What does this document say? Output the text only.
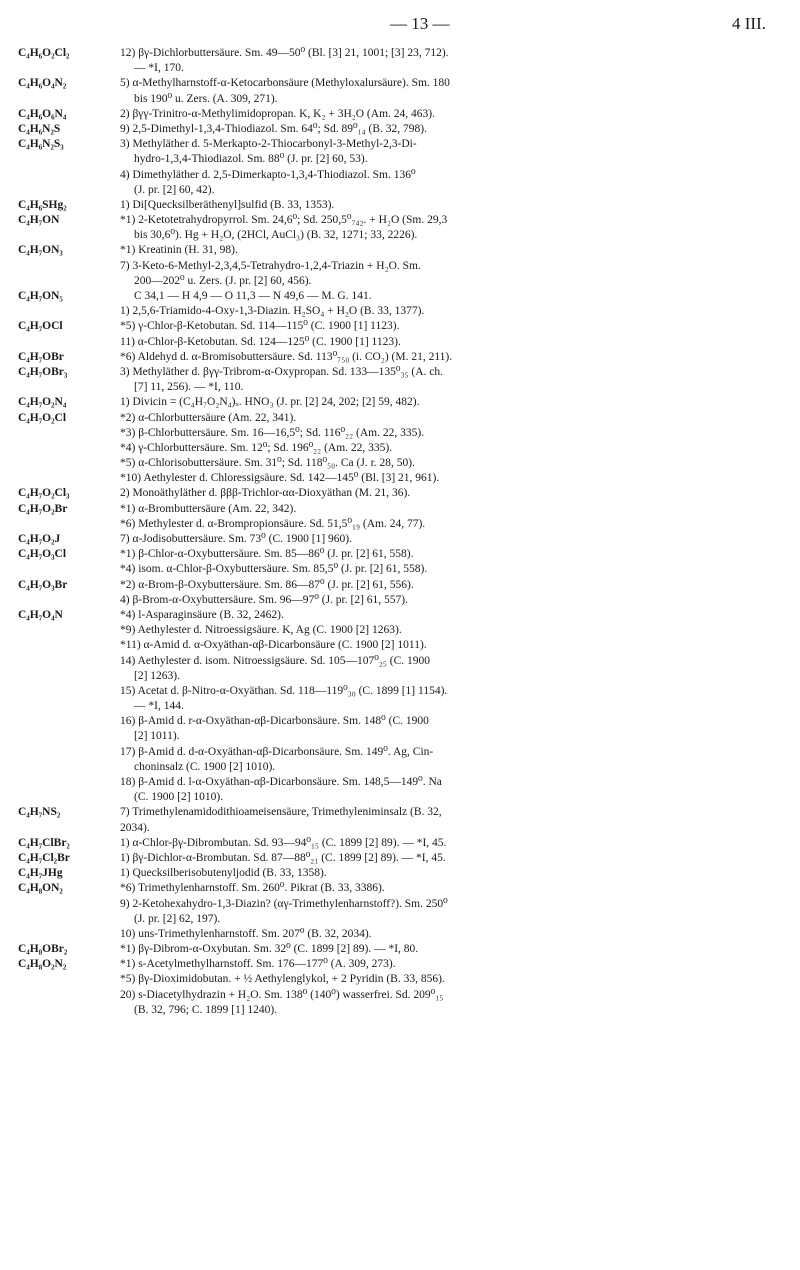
— 13 —	4 III.
C₄H₆O₂Cl₂	12) βγ-Dichlorbuttersäure. Sm. 49—50⁰ (Bl. [3] 21, 1001; [3] 23, 712).
— *I, 170.
C₄H₆O₄N₂	5) α-Methylharnstoff-α-Ketocarbonsäure (Methyloxalursäure). Sm. 180
bis 190⁰ u. Zers. (A. 309, 271).
C₄H₆O₆N₄	2) βγγ-Trinitro-α-Methylimidopropan. K, K₂ + 3H₂O (Am. 24, 463).
C₄H₆N₂S	9) 2,5-Dimethyl-1,3,4-Thiodiazol. Sm. 64⁰; Sd. 89⁰₁₄ (B. 32, 798).
C₄H₆N₂S₃	3) Methyläther d. 5-Merkapto-2-Thiocarbonyl-3-Methyl-2,3-Di-
hydro-1,3,4-Thiodiazol. Sm. 88⁰ (J. pr. [2] 60, 53).
4) Dimethyläther d. 2,5-Dimerkapto-1,3,4-Thiodiazol. Sm. 136⁰
(J. pr. [2] 60, 42).
C₄H₆SHg₂	1) Di[Quecksilberäthenyl]sulfid (B. 33, 1353).
C₄H₇ON	*1) 2-Ketotetrahydropyrrol. Sm. 24,6⁰; Sd. 250,5⁰₇₄₂. + H₂O (Sm. 29,3
bis 30,6⁰). Hg + H₂O, (2HCl, AuCl₃) (B. 32, 1271; 33, 2226).
C₄H₇ON₃	*1) Kreatinin (H. 31, 98).
7) 3-Keto-6-Methyl-2,3,4,5-Tetrahydro-1,2,4-Triazin + H₂O. Sm.
200—202⁰ u. Zers. (J. pr. [2] 60, 456).
C₄H₇ON₅	C 34,1 — H 4,9 — O 11,3 — N 49,6 — M. G. 141.
1) 2,5,6-Triamido-4-Oxy-1,3-Diazin. H₂SO₄ + H₂O (B. 33, 1377).
C₄H₇OCl	*5) γ-Chlor-β-Ketobutan. Sd. 114—115⁰ (C. 1900 [1] 1123).
11) α-Chlor-β-Ketobutan. Sd. 124—125⁰ (C. 1900 [1] 1123).
C₄H₇OBr	*6) Aldehyd d. α-Bromisobuttersäure. Sd. 113⁰₇₅₀ (i. CO₂) (M. 21, 211).
C₄H₇OBr₃	3) Methyläther d. βγγ-Tribrom-α-Oxypropan. Sd. 133—135⁰₃₅ (A. ch.
[7] 11, 256). — *I, 110.
C₄H₇O₂N₄	1) Divicin = (C₄H₇O₂N₄)ₓ. HNO₃ (J. pr. [2] 24, 202; [2] 59, 482).
C₄H₇O₂Cl	*2) α-Chlorbuttersäure (Am. 22, 341).
*3) β-Chlorbuttersäure. Sm. 16—16,5⁰; Sd. 116⁰₂₂ (Am. 22, 335).
*4) γ-Chlorbuttersäure. Sm. 12⁰; Sd. 196⁰₂₂ (Am. 22, 335).
*5) α-Chlorisobuttersäure. Sm. 31⁰; Sd. 118⁰₅₀. Ca (J. r. 28, 50).
*10) Aethylester d. Chloressigsäure. Sd. 142—145⁰ (Bl. [3] 21, 961).
C₄H₇O₂Cl₃	2) Monoäthyläther d. βββ-Trichlor-αα-Dioxyäthan (M. 21, 36).
C₄H₇O₂Br	*1) α-Brombuttersäure (Am. 22, 342).
*6) Methylester d. α-Brompropionsäure. Sd. 51,5⁰₁₉ (Am. 24, 77).
C₄H₇O₂J	7) α-Jodisobuttersäure. Sm. 73⁰ (C. 1900 [1] 960).
C₄H₇O₃Cl	*1) β-Chlor-α-Oxybuttersäure. Sm. 85—86⁰ (J. pr. [2] 61, 558).
*4) isom. α-Chlor-β-Oxybuttersäure. Sm. 85,5⁰ (J. pr. [2] 61, 558).
C₄H₇O₃Br	*2) α-Brom-β-Oxybuttersäure. Sm. 86—87⁰ (J. pr. [2] 61, 556).
4) β-Brom-α-Oxybuttersäure. Sm. 96—97⁰ (J. pr. [2] 61, 557).
C₄H₇O₄N	*4) l-Asparaginsäure (B. 32, 2462).
*9) Aethylester d. Nitroessigsäure. K, Ag (C. 1900 [2] 1263).
*11) α-Amid d. α-Oxyäthan-αβ-Dicarbonsäure (C. 1900 [2] 1011).
14) Aethylester d. isom. Nitroessigsäure. Sd. 105—107⁰₂₅ (C. 1900
[2] 1263).
15) Acetat d. β-Nitro-α-Oxyäthan. Sd. 118—119⁰₃₀ (C. 1899 [1] 1154).
— *I, 144.
16) β-Amid d. r-α-Oxyäthan-αβ-Dicarbonsäure. Sm. 148⁰ (C. 1900
[2] 1011).
17) β-Amid d. d-α-Oxyäthan-αβ-Dicarbonsäure. Sm. 149⁰. Ag, Cin-
choninsalz (C. 1900 [2] 1010).
18) β-Amid d. l-α-Oxyäthan-αβ-Dicarbonsäure. Sm. 148,5—149⁰. Na
(C. 1900 [2] 1010).
C₄H₇NS₂	7) Trimethylenamidodithioameisensäure, Trimethyleniminsalz (B. 32,
2034).
C₄H₇ClBr₂	1) α-Chlor-βγ-Dibrombutan. Sd. 93—94⁰₁₅ (C. 1899 [2] 89). — *I, 45.
C₄H₇Cl₂Br	1) βγ-Dichlor-α-Brombutan. Sd. 87—88⁰₂₁ (C. 1899 [2] 89). — *I, 45.
C₄H₇JHg	1) Quecksilberisobutenyljodid (B. 33, 1358).
C₄H₈ON₂	*6) Trimethylenharnstoff. Sm. 260⁰. Pikrat (B. 33, 3386).
9) 2-Ketohexahydro-1,3-Diazin? (αγ-Trimethylenharnstoff?). Sm. 250⁰
(J. pr. [2] 62, 197).
10) uns-Trimethylenharnstoff. Sm. 207⁰ (B. 32, 2034).
C₄H₈OBr₂	*1) βγ-Dibrom-α-Oxybutan. Sm. 32⁰ (C. 1899 [2] 89). — *I, 80.
C₄H₈O₂N₂	*1) s-Acetylmethylharnstoff. Sm. 176—177⁰ (A. 309, 273).
*5) βγ-Dioximidobutan. + ½ Aethylenglykol, + 2 Pyridin (B. 33, 856).
20) s-Diacetylhydrazin + H₂O. Sm. 138⁰ (140⁰) wasserfrei. Sd. 209⁰₁₅
(B. 32, 796; C. 1899 [1] 1240).
